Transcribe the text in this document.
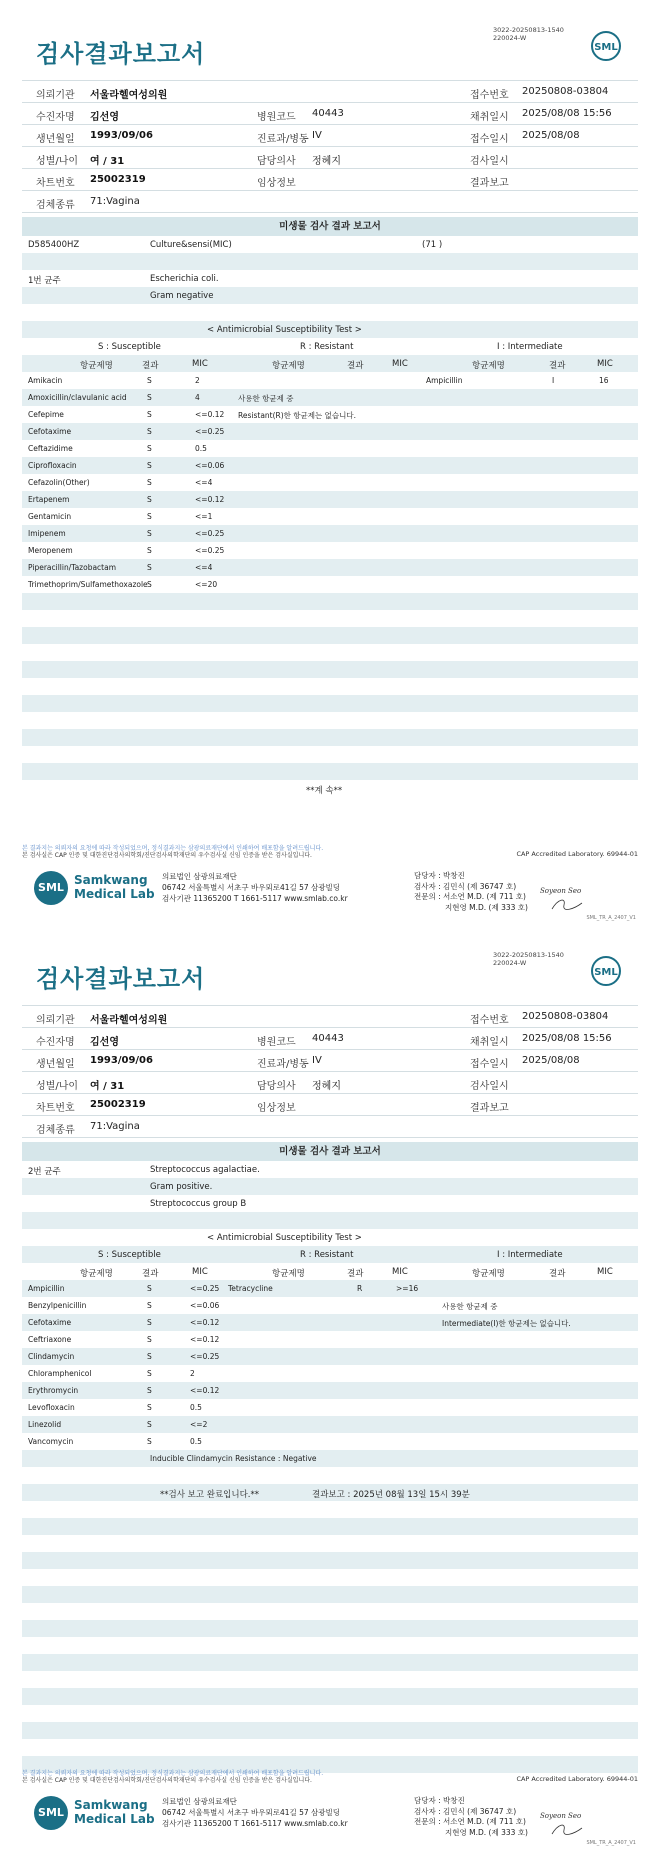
3022-20250813-1540
220024-W
검사결과보고서	SML
의뢰기관 서울라헬여성의원	접수번호 20250808-03804
수진자명 김선영	병원코드 40443	채취일시 2025/08/08 15:56
생년월일 1993/09/06	진료과/병동 IV	접수일시 2025/08/08
성별/나이 여 / 31	담당의사 정혜지	검사일시
차트번호 25002319	임상정보	결과보고
검체종류 71:Vagina
미생물 검사 결과 보고서
D585400HZ	Culture&sensi(MIC)	(71 )
1번 균주	Escherichia coli.
Gram negative
< Antimicrobial Susceptibility Test >
S : Susceptible	R : Resistant	I : Intermediate
항균제명	결과	MIC	항균제명	결과	MIC	항균제명	결과	MIC
Amikacin	S	2	Ampicillin	I	16
Amoxicillin/clavulanic acid	S	4	사용한 항균제 중
Cefepime	S	<=0.12 Resistant(R)한 항균제는 없습니다.
Cefotaxime	S	<=0.25
Ceftazidime	S	0.5
Ciprofloxacin	S	<=0.06
Cefazolin(Other)	S	<=4
Ertapenem	S	<=0.12
Gentamicin	S	<=1
Imipenem	S	<=0.25
Meropenem	S	<=0.25
Piperacillin/Tazobactam	S	<=4
Trimethoprim/Sulfamethoxazole S	<=20
**계 속**
본 결과지는 의뢰자의 요청에 따라 작성되었으며, 정식결과지는 삼광의료재단에서 인쇄하여 배포함을 알려드립니다.
본 검사실은 CAP 인증 및 대한진단검사의학회/진단검사의학재단의 우수검사실 신임 인증을 받은 검사실입니다.	CAP Accredited Laboratory. 69944-01
SML
Samkwang
Medical Lab
의료법인 삼광의료재단
06742 서울특별시 서초구 바우뫼로41길 57 삼광빌딩
검사기관 11365200 T 1661-5117 www.smlab.co.kr
담당자 : 박창진
검사자 : 김민식 (제 36747 호)
전문의 : 서소연 M.D. (제 711 호)
지현영 M.D. (제 333 호)
Soyeon Seo
SML_TR_A_2407_V1
3022-20250813-1540
220024-W
검사결과보고서	SML
의뢰기관 서울라헬여성의원	접수번호 20250808-03804
수진자명 김선영	병원코드 40443	채취일시 2025/08/08 15:56
생년월일 1993/09/06	진료과/병동 IV	접수일시 2025/08/08
성별/나이 여 / 31	담당의사 정혜지	검사일시
차트번호 25002319	임상정보	결과보고
검체종류 71:Vagina
미생물 검사 결과 보고서
2번 균주	Streptococcus agalactiae.
Gram positive.
Streptococcus group B
< Antimicrobial Susceptibility Test >
S : Susceptible	R : Resistant	I : Intermediate
항균제명	결과	MIC	항균제명	결과	MIC	항균제명	결과	MIC
Ampicillin	S	<=0.25 Tetracycline	R	>=16
Benzylpenicillin	S	<=0.06	사용한 항균제 중
Cefotaxime	S	<=0.12	Intermediate(I)한 항균제는 없습니다.
Ceftriaxone	S	<=0.12
Clindamycin	S	<=0.25
Chloramphenicol	S	2
Erythromycin	S	<=0.12
Levofloxacin	S	0.5
Linezolid	S	<=2
Vancomycin	S	0.5
Inducible Clindamycin Resistance : Negative
**검사 보고 완료입니다.**	결과보고 : 2025년 08월 13일 15시 39분
본 결과지는 의뢰자의 요청에 따라 작성되었으며, 정식결과지는 삼광의료재단에서 인쇄하여 배포함을 알려드립니다.
본 검사실은 CAP 인증 및 대한진단검사의학회/진단검사의학재단의 우수검사실 신임 인증을 받은 검사실입니다.	CAP Accredited Laboratory. 69944-01
SML
Samkwang
Medical Lab
의료법인 삼광의료재단
06742 서울특별시 서초구 바우뫼로41길 57 삼광빌딩
검사기관 11365200 T 1661-5117 www.smlab.co.kr
담당자 : 박창진
검사자 : 김민식 (제 36747 호)
전문의 : 서소연 M.D. (제 711 호)
지현영 M.D. (제 333 호)
Soyeon Seo
SML_TR_A_2407_V1
